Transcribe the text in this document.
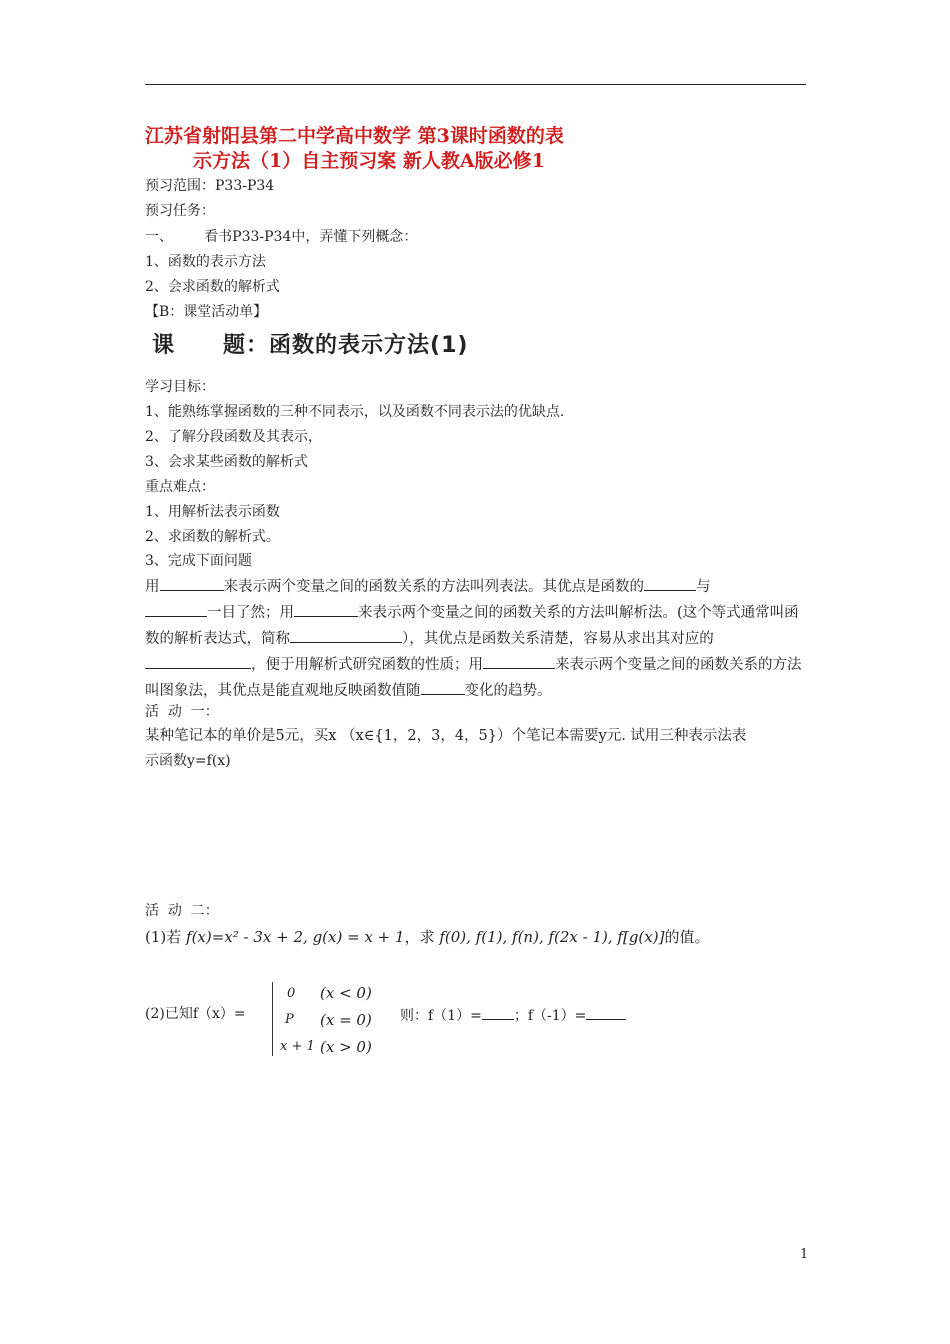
江苏省射阳县第二中学高中数学 第3课时函数的表
示方法（1）自主预习案 新人教A版必修1
预习范围：P33-P34
预习任务：
一、       看书P33-P34中，弄懂下列概念：
1、函数的表示方法
2、会求函数的解析式
【B：课堂活动单】
课 题：函数的表示方法(1)
学习目标：
1、能熟练掌握函数的三种不同表示，以及函数不同表示法的优缺点.
2、了解分段函数及其表示，
3、会求某些函数的解析式
重点难点：
1、用解析法表示函数
2、求函数的解析式。
3、完成下面问题
用	来表示两个变量之间的函数关系的方法叫列表法。其优点是函数的	与
一目了然；用	来表示两个变量之间的函数关系的方法叫解析法。(这个等式通常叫函数的解析表达式，简称	），其优点是函数关系清楚，容易从求出其对应的，便于用解析式研究函数的性质；用	来表示两个变量之间的函数关系的方法叫图象法，其优点是能直观地反映函数值随	变化的趋势。
活  动  一：
某种笔记本的单价是5元，买x （x∈{1，2，3，4，5}）个笔记本需要y元. 试用三种表示法表
示函数y=f(x)
活  动  二：
(1)若 f(x)=x² - 3x + 2, g(x) = x + 1，求 f(0), f(1), f(n), f(2x - 1), f[g(x)]的值。
(2)已知f（x）=
0 (x < 0)
P (x = 0)
x + 1 (x > 0)
则：f（1）= ；f（-1）=
1
